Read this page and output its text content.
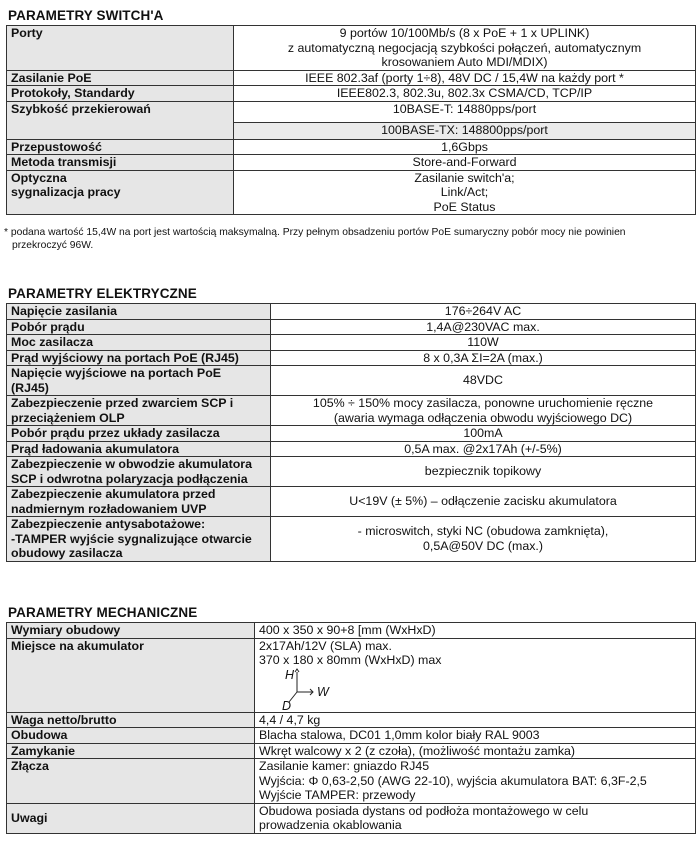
PARAMETRY SWITCH'A
Porty	9 portów 10/100Mb/s (8 x PoE + 1 x UPLINK)
z automatyczną negocjacją szybkości połączeń, automatycznym
krosowaniem Auto MDI/MDIX)

Zasilanie PoE	IEEE 802.3af (porty 1÷8), 48V DC / 15,4W na każdy port *
Protokoły, Standardy	IEEE802.3, 802.3u, 802.3x CSMA/CD, TCP/IP
Szybkość przekierowań	10BASE-T: 14880pps/port
	100BASE-TX: 148800pps/port
Przepustowość	1,6Gbps
Metoda transmisji	Store-and-Forward

Optyczna
sygnalizacja pracy	Zasilanie switch'a;
Link/Act;
PoE Status
* podana wartość 15,4W na port jest wartością maksymalną. Przy pełnym obsadzeniu portów PoE sumaryczny pobór mocy nie powinien
przekroczyć 96W.
PARAMETRY ELEKTRYCZNE
Napięcie zasilania	176÷264V AC

Pobór prądu	1,4A@230VAC max.

Moc zasilacza	110W

Prąd wyjściowy na portach PoE (RJ45)	8 x 0,3A ΣI=2A (max.)

Napięcie wyjściowe na portach PoE
(RJ45)	48VDC

Zabezpieczenie przed zwarciem SCP i
przeciążeniem OLP	105% ÷ 150% mocy zasilacza, ponowne uruchomienie ręczne
(awaria wymaga odłączenia obwodu wyjściowego DC)

Pobór prądu przez układy zasilacza	100mA

Prąd ładowania akumulatora	0,5A max. @2x17Ah (+/-5%)

Zabezpieczenie w obwodzie akumulatora
SCP i odwrotna polaryzacja podłączenia	bezpiecznik topikowy

Zabezpieczenie akumulatora przed
nadmiernym rozładowaniem UVP	U<19V (± 5%) – odłączenie zacisku akumulatora

Zabezpieczenie antysabotażowe:
-TAMPER wyjście sygnalizujące otwarcie
obudowy zasilacza	- microswitch, styki NC (obudowa zamknięta),
0,5A@50V DC (max.)
PARAMETRY MECHANICZNE
Wymiary obudowy	400 x 350 x 90+8 [mm (WxHxD)
Miejsce na akumulator	2x17Ah/12V (SLA) max.
370 x 180 x 80mm (WxHxD) max
H
W
D

Waga netto/brutto	4,4 / 4,7 kg
Obudowa	Blacha stalowa, DC01 1,0mm kolor biały RAL 9003
Zamykanie	Wkręt walcowy x 2 (z czoła), (możliwość montażu zamka)
Złącza	Zasilanie kamer: gniazdo RJ45
Wyjścia: Φ 0,63-2,50 (AWG 22-10), wyjścia akumulatora BAT: 6,3F-2,5
Wyjście TAMPER: przewody

Uwagi	Obudowa posiada dystans od podłoża montażowego w celu
prowadzenia okablowania
